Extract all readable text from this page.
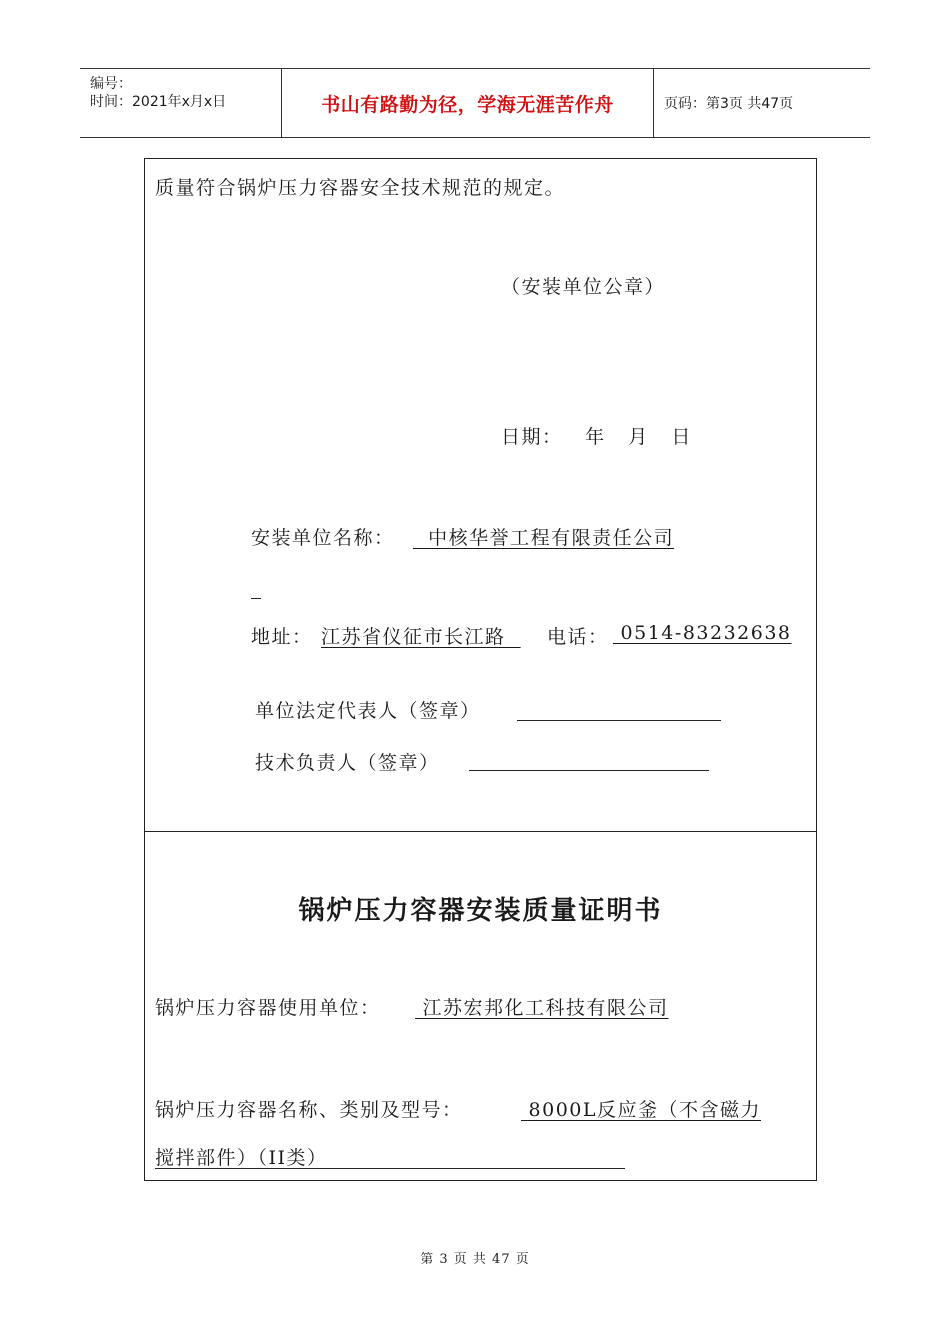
编号：
时间：2021年x月x日	书山有路勤为径，学海无涯苦作舟	页码：第3页 共47页
质量符合锅炉压力容器安全技术规范的规定。
（安装单位公章）
日期：   年   月   日
安装单位名称： 中核华誉工程有限责任公司
地址： 江苏省仪征市长江路 电话： 0514-83232638
单位法定代表人（签章）
技术负责人（签章）
锅炉压力容器安装质量证明书
锅炉压力容器使用单位： 江苏宏邦化工科技有限公司
锅炉压力容器名称、类别及型号：	8000L反应釜（不含磁力
搅拌部件）（II类）
第 3 页 共 47 页
